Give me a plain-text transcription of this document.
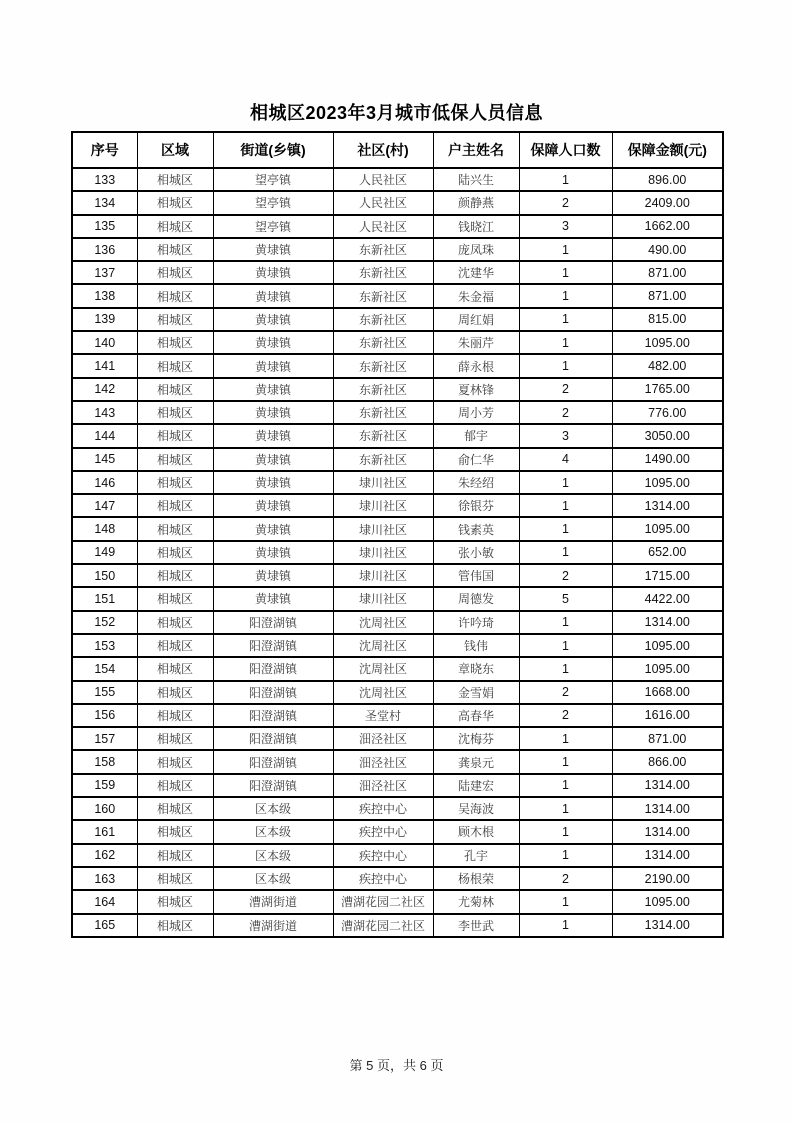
相城区2023年3月城市低保人员信息
序号	区域	街道(乡镇)	社区(村)	户主姓名	保障人口数	保障金额(元)
133	相城区	望亭镇	人民社区	陆兴生	1	896.00
134	相城区	望亭镇	人民社区	颜静燕	2	2409.00
135	相城区	望亭镇	人民社区	钱晓江	3	1662.00
136	相城区	黄埭镇	东新社区	庞凤珠	1	490.00
137	相城区	黄埭镇	东新社区	沈建华	1	871.00
138	相城区	黄埭镇	东新社区	朱金福	1	871.00
139	相城区	黄埭镇	东新社区	周红娟	1	815.00
140	相城区	黄埭镇	东新社区	朱丽芹	1	1095.00
141	相城区	黄埭镇	东新社区	薛永根	1	482.00
142	相城区	黄埭镇	东新社区	夏林锋	2	1765.00
143	相城区	黄埭镇	东新社区	周小芳	2	776.00
144	相城区	黄埭镇	东新社区	郁宇	3	3050.00
145	相城区	黄埭镇	东新社区	俞仁华	4	1490.00
146	相城区	黄埭镇	埭川社区	朱经绍	1	1095.00
147	相城区	黄埭镇	埭川社区	徐银芬	1	1314.00
148	相城区	黄埭镇	埭川社区	钱素英	1	1095.00
149	相城区	黄埭镇	埭川社区	张小敏	1	652.00
150	相城区	黄埭镇	埭川社区	管伟国	2	1715.00
151	相城区	黄埭镇	埭川社区	周德发	5	4422.00
152	相城区	阳澄湖镇	沈周社区	许吟琦	1	1314.00
153	相城区	阳澄湖镇	沈周社区	钱伟	1	1095.00
154	相城区	阳澄湖镇	沈周社区	章晓东	1	1095.00
155	相城区	阳澄湖镇	沈周社区	金雪娟	2	1668.00
156	相城区	阳澄湖镇	圣堂村	高春华	2	1616.00
157	相城区	阳澄湖镇	沺泾社区	沈梅芬	1	871.00
158	相城区	阳澄湖镇	沺泾社区	龚泉元	1	866.00
159	相城区	阳澄湖镇	沺泾社区	陆建宏	1	1314.00
160	相城区	区本级	疾控中心	吴海波	1	1314.00
161	相城区	区本级	疾控中心	顾木根	1	1314.00
162	相城区	区本级	疾控中心	孔宇	1	1314.00
163	相城区	区本级	疾控中心	杨根荣	2	2190.00
164	相城区	漕湖街道	漕湖花园二社区	尤菊林	1	1095.00
165	相城区	漕湖街道	漕湖花园二社区	李世武	1	1314.00
第 5 页，共 6 页
